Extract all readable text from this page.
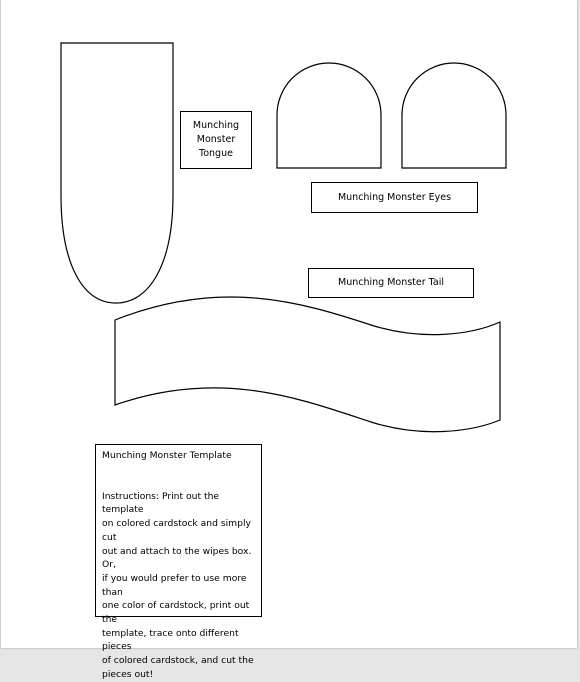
Munching
Monster
Tongue
Munching Monster Eyes
Munching Monster Tail
Munching Monster Template
Instructions: Print out the template
on colored cardstock and simply cut
out and attach to the wipes box. Or,
if you would prefer to use more than
one color of cardstock, print out the
template, trace onto different pieces
of colored cardstock, and cut the
pieces out!
